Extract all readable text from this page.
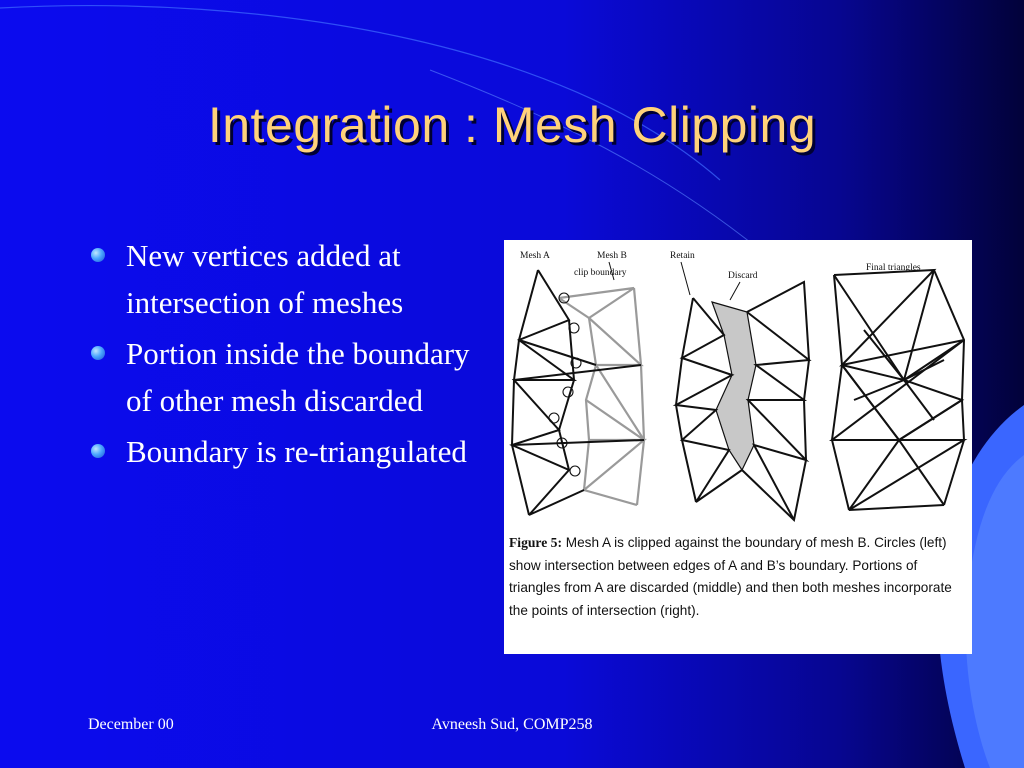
Integration : Mesh Clipping
New vertices added at intersection of meshes
Portion inside the boundary of other mesh discarded
Boundary is re-triangulated
Mesh A	Mesh B
clip boundary
Retain
Discard
Final triangles

Figure 5: Mesh A is clipped against the boundary of mesh B. Circles (left) show intersection between edges of A and B’s boundary. Portions of triangles from A are discarded (middle) and then both meshes incorporate the points of intersection (right).

December 00	Avneesh Sud, COMP258
